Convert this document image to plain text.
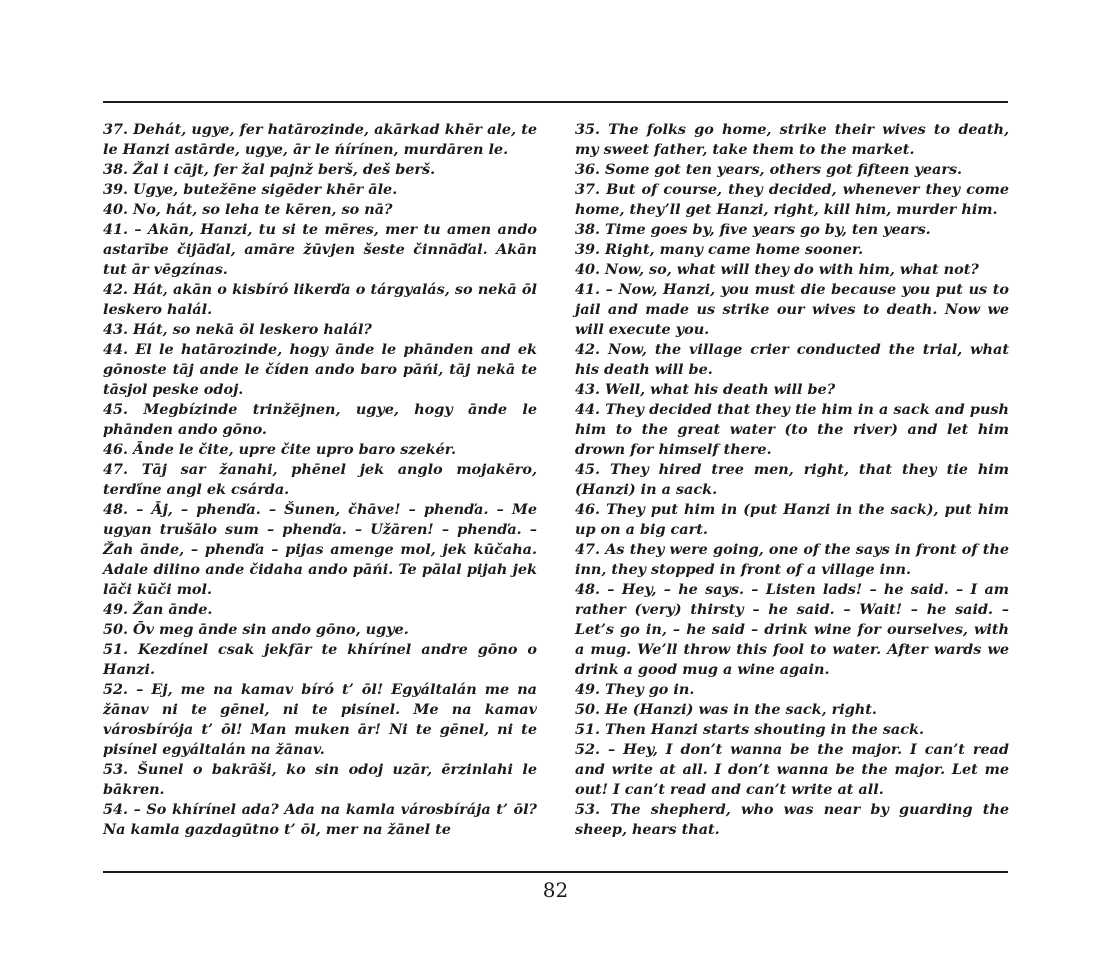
37. Dehát, ugye, fer hatārozinde, akārkad khēr ale, te le Hanzi astārde, ugye, ār le ńírínen, murdāren le.

38. Žal i cājt, fer žal pajnž berš, deš berš.

39. Ugye, butežēne sigēder khēr āle.

40. No, hát, so leha te kēren, so nā?

41. – Akān, Hanzi, tu si te mēres, mer tu amen ando astarībe čijāďal, amāre žūvjen šeste činnāďal. Akān tut ār vēgzínas.

42. Hát, akān o kisbíró likerďa o tárgyalás, so nekā ōl leskero halál.

43. Hát, so nekā ōl leskero halál?

44. El le hatārozinde, hogy ānde le phānden and ek gōnoste tāj ande le číden ando baro pāńi, tāj nekā te tāsjol peske odoj.

45. Megbízinde trinžējnen, ugye, hogy ānde le phānden ando gōno.

46. Ānde le čite, upre čite upro baro szekér.

47. Tāj sar žanahi, phēnel jek anglo mojakēro, terďíne angl ek csárda.

48. – Āj, – phenďa. – Šunen, čhāve! – phenďa. – Me ugyan trušālo sum – phenďa. – Užāren! – phenďa. – Žah ānde, – phenďa – pijas amenge mol, jek kūčaha. Adale dilino ande čidaha ando pāńi. Te pālal pijah jek lāči kūči mol.

49. Žan ānde.

50. Ōv meg ānde sin ando gōno, ugye.

51. Kezdínel csak jekfār te khírínel andre gōno o Hanzi.

52. – Ej, me na kamav bíró t’ ōl! Egyáltalán me na žānav ni te gēnel, ni te pisínel. Me na kamav városbírója t’ ōl! Man muken ār! Ni te gēnel, ni te pisínel egyáltalán na žānav.

53. Šunel o bakrāši, ko sin odoj uzār, ērzinlahi le bākren.

54. – So khírínel ada? Ada na kamla városbírája t’ ōl? Na kamla gazdagūtno t’ ōl, mer na žānel te

35. The folks go home, strike their wives to death, my sweet father, take them to the market.

36. Some got ten years, others got fifteen years.

37. But of course, they decided, whenever they come home, they’ll get Hanzi, right, kill him, murder him.

38. Time goes by, five years go by, ten years.

39. Right, many came home sooner.

40. Now, so, what will they do with him, what not?

41. – Now, Hanzi, you must die because you put us to jail and made us strike our wives to death. Now we will execute you.

42. Now, the village crier conducted the trial, what his death will be.

43. Well, what his death will be?

44. They decided that they tie him in a sack and push him to the great water (to the river) and let him drown for himself there.

45. They hired tree men, right, that they tie him (Hanzi) in a sack.

46. They put him in (put Hanzi in the sack), put him up on a big cart.

47. As they were going, one of the says in front of the inn, they stopped in front of a village inn.

48. – Hey, – he says. – Listen lads! – he said. – I am rather (very) thirsty – he said. – Wait! – he said. – Let’s go in, – he said – drink wine for ourselves, with a mug. We’ll throw this fool to water. After wards we drink a good mug a wine again.

49. They go in.

50. He (Hanzi) was in the sack, right.

51. Then Hanzi starts shouting in the sack.

52. – Hey, I don’t wanna be the major. I can’t read and write at all. I don’t wanna be the major. Let me out! I can’t read and can’t write at all.

53. The shepherd, who was near by guarding the sheep, hears that.

82
